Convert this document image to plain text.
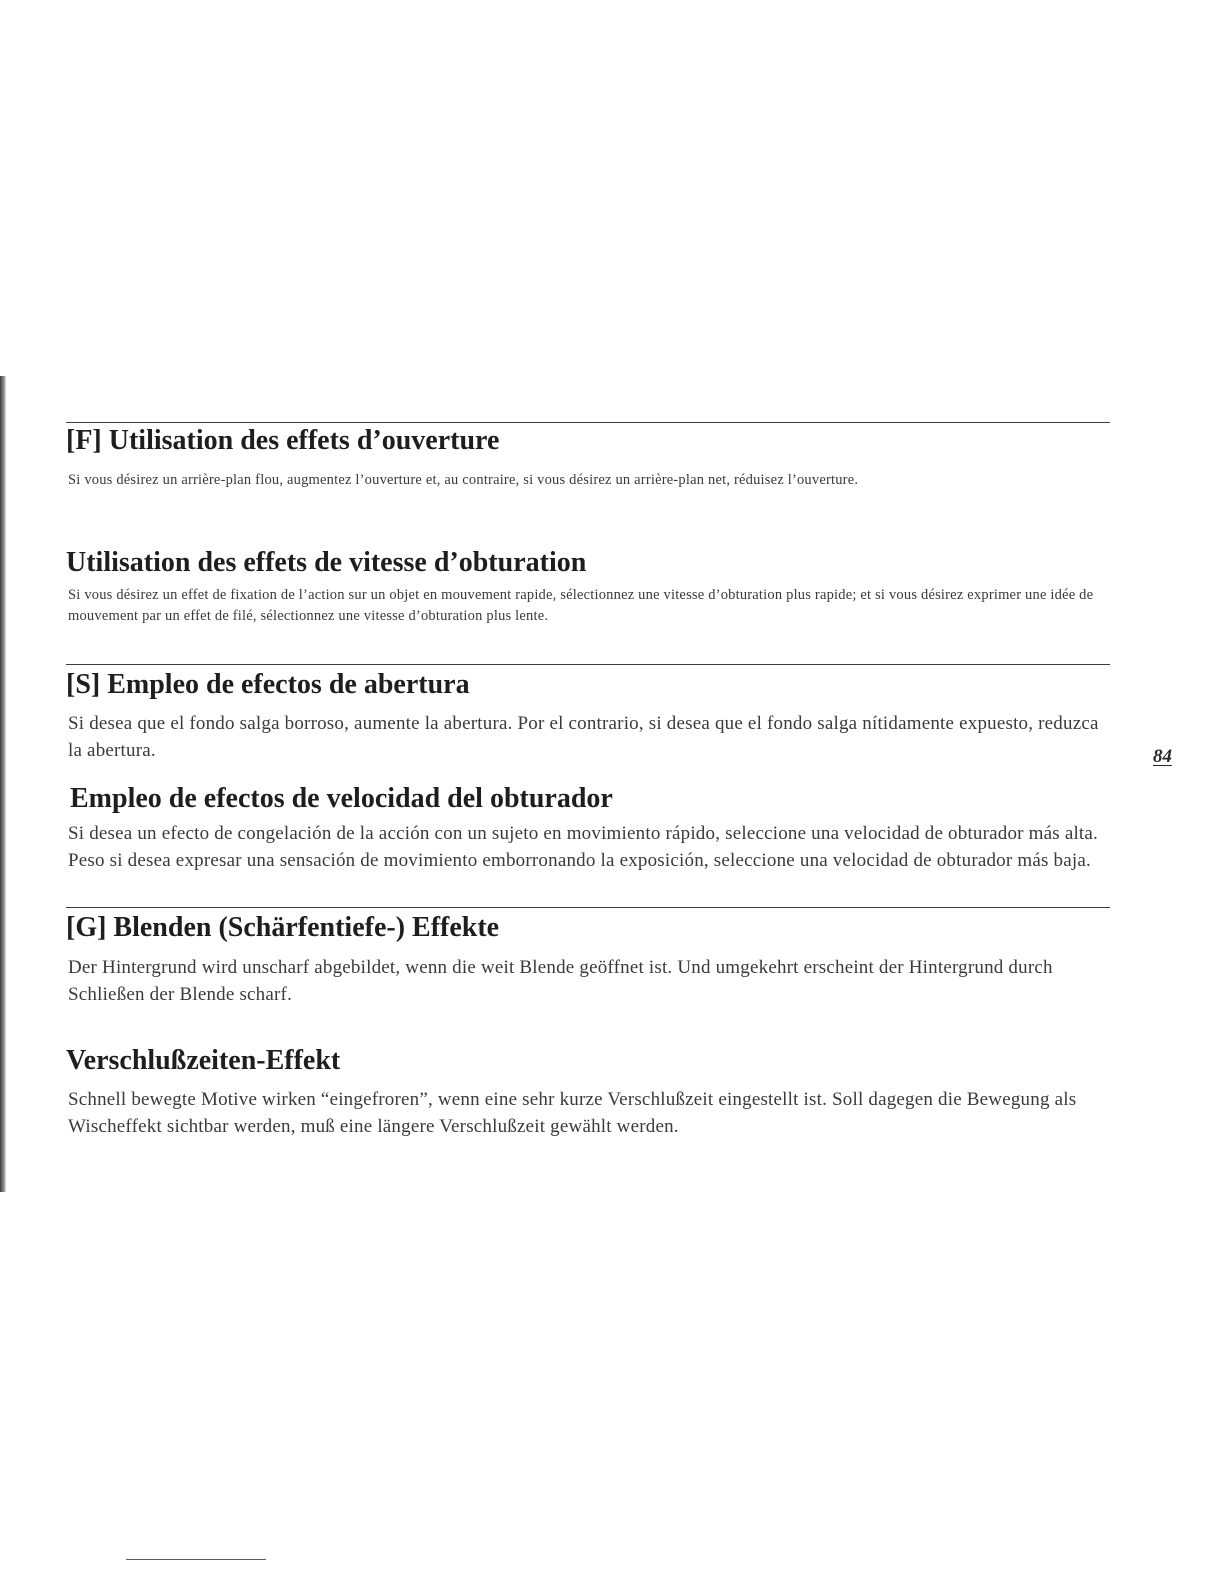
[F] Utilisation des effets d’ouverture

Si vous désirez un arrière-plan flou, augmentez l’ouverture et, au contraire, si vous désirez un arrière-plan net, réduisez l’ouverture.

Utilisation des effets de vitesse d’obturation

Si vous désirez un effet de fixation de l’action sur un objet en mouvement rapide, sélectionnez une vitesse d’obturation plus rapide; et si vous désirez exprimer une idée de mouvement par un effet de filé, sélectionnez une vitesse d’obturation plus lente.

[S] Empleo de efectos de abertura

Si desea que el fondo salga borroso, aumente la abertura. Por el contrario, si desea que el fondo salga nítidamente expuesto, reduzca la abertura.

Empleo de efectos de velocidad del obturador

Si desea un efecto de congelación de la acción con un sujeto en movimiento rápido, seleccione una velocidad de obturador más alta. Peso si desea expresar una sensación de movimiento emborronando la exposición, seleccione una velocidad de obturador más baja.

[G] Blenden (Schärfentiefe-) Effekte

Der Hintergrund wird unscharf abgebildet, wenn die weit Blende geöffnet ist. Und umgekehrt erscheint der Hintergrund durch Schließen der Blende scharf.

Verschlußzeiten-Effekt

Schnell bewegte Motive wirken “eingefroren”, wenn eine sehr kurze Verschlußzeit eingestellt ist. Soll dagegen die Bewegung als Wischeffekt sichtbar werden, muß eine längere Verschlußzeit gewählt werden.

84
